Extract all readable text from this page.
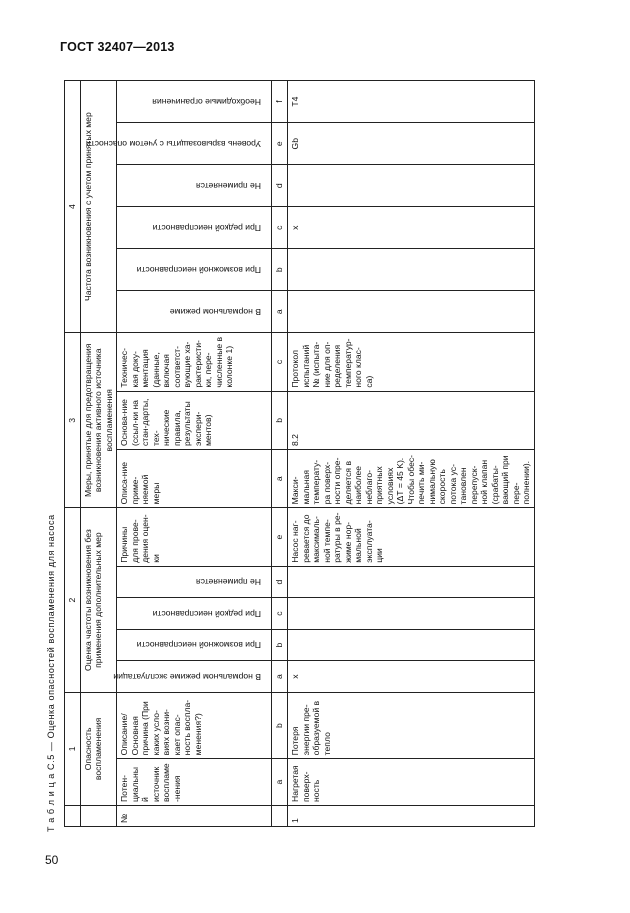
ГОСТ 32407—2013
Т а б л и ц а С.5 — Оценка опасностей воспламенения для насоса
50
	1		2					3			4					
	Опасность воспламенения		Оценка частоты возникновения без применения дополнительных мер					Меры, принятые для предотвращения возникновения активного источника воспламенения			Частота возникновения с учетом принятых мер					
№	Потен-циальный источник воспламе-нения	Описание/ Основная причина (При каких усло-виях возни-кает опас-ность воспла-менения?)	В нормальном режиме эксплуатации	При возможной неисправности	При редкой неисправности	Не применяется	Причины для прове-дения оцен-ки	Описа-ние приме-няемой меры	Основа-ние (ссыл-ки на стан-дарты, тех-нические правила, результаты экспери-ментов)	Техничес-кая доку-ментация (данные, включая соответст-вующие ха-рактеристи-ки, пере-численные в колонке 1)	В нормальном режиме	При возможной неисправности	При редкой неисправности	Не применяется	Уровень взрывозащиты с учетом опасности	Необходимые ограничения

	а	b	a	b	c	d	e	a	b	c	a	b	c	d	e	f
1	Нагретая поверх-ность	Потеря энергии пре-образуемой в тепло	x				Насос наг-ревается до максималь-ной темпе-ратуры в ре-жиме нор-мальной эксплуата-ции	Макси-мальная температу-ра поверх-ности опре-деляется в наиболее неблаго-приятных условиях (ΔТ = 45 K). Чтобы обес-печить ми-нимальную скорость потока ус-тановлен перепуск-ной клапан (срабаты-вающий при пере-полнении).	8.2	Протокол испытаний № (испыта-ние для оп-ределения температур-ного клас-са)			x		Gb	T4
